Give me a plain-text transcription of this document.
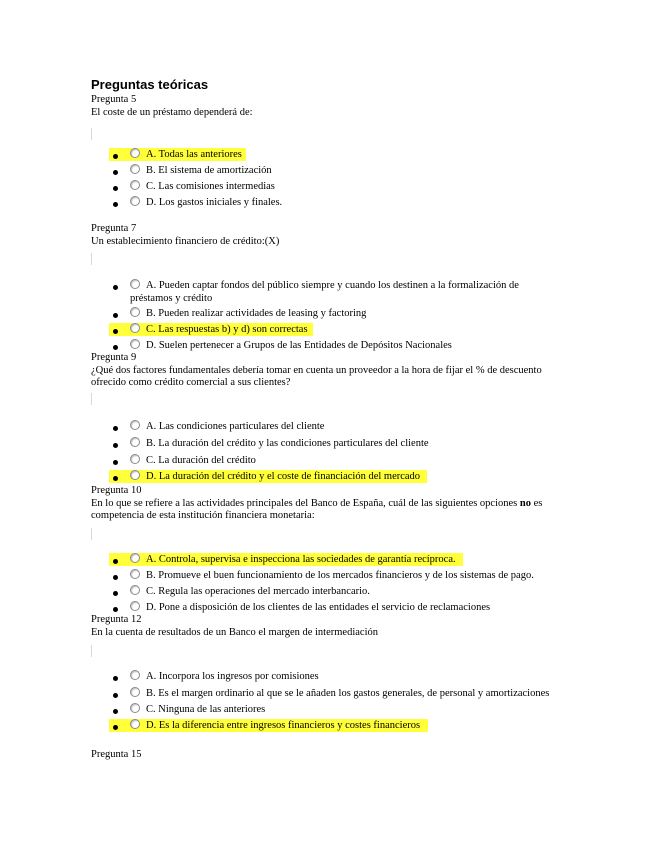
Preguntas teóricas
Pregunta 5
El coste de un préstamo dependerá de:
A. Todas las anteriores
B. El sistema de amortización
C. Las comisiones intermedias
D. Los gastos iniciales y finales.
Pregunta 7
Un establecimiento financiero de crédito:(X)
A. Pueden captar fondos del público siempre y cuando los destinen a la formalización de préstamos y crédito
B. Pueden realizar actividades de leasing y factoring
C. Las respuestas b) y d) son correctas
D. Suelen pertenecer a Grupos de las Entidades de Depósitos Nacionales
Pregunta 9
¿Qué dos factores fundamentales debería tomar en cuenta un proveedor a la hora de fijar el % de descuento ofrecido como crédito comercial a sus clientes?
A. Las condiciones particulares del cliente
B. La duración del crédito y las condiciones particulares del cliente
C. La duración del crédito
D. La duración del crédito y el coste de financiación del mercado
Pregunta 10
En lo que se refiere a las actividades principales del Banco de España, cuál de las siguientes opciones no es competencia de esta institución financiera monetaria:
A. Controla, supervisa e inspecciona las sociedades de garantía recíproca.
B. Promueve el buen funcionamiento de los mercados financieros y de los sistemas de pago.
C. Regula las operaciones del mercado interbancario.
D. Pone a disposición de los clientes de las entidades el servicio de reclamaciones
Pregunta 12
En la cuenta de resultados de un Banco el margen de intermediación
A. Incorpora los ingresos por comisiones
B. Es el margen ordinario al que se le añaden los gastos generales, de personal y amortizaciones
C. Ninguna de las anteriores
D. Es la diferencia entre ingresos financieros y costes financieros
Pregunta 15
